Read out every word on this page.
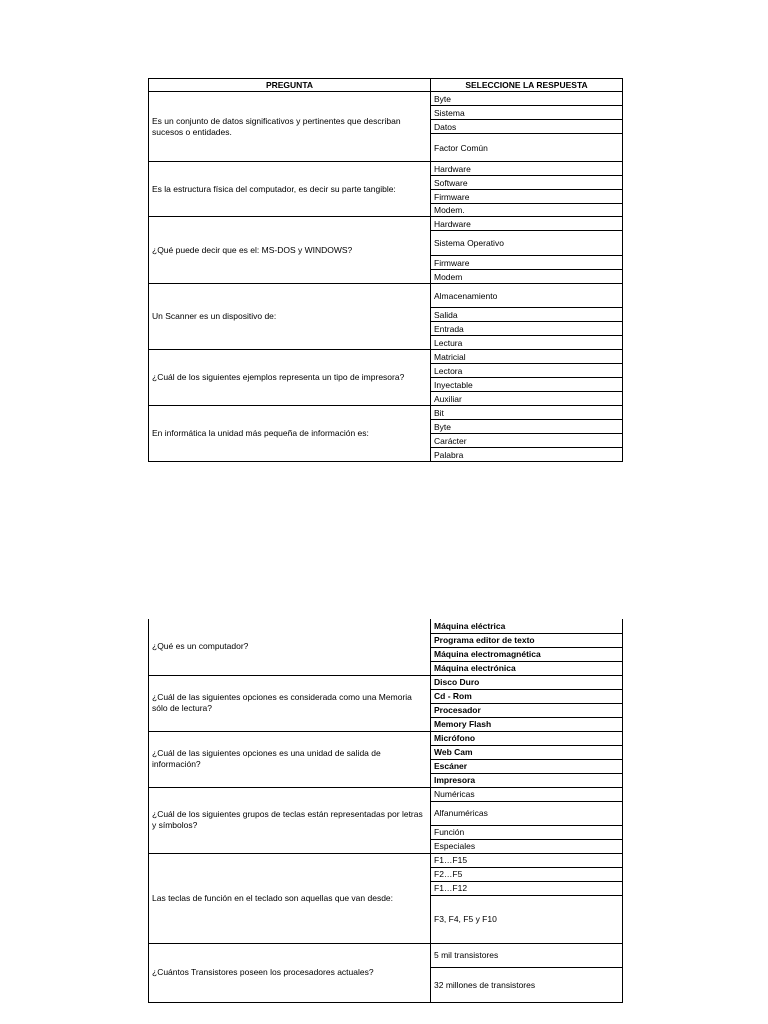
PREGUNTA	SELECCIONE LA RESPUESTA
Es un conjunto de datos significativos y pertinentes que describan sucesos o entidades.	Byte
	Sistema
	Datos
	Factor Común
Es la estructura física del computador, es decir su parte tangible:	Hardware
	Software
	Firmware
	Modem.
¿Qué puede decir que es el: MS-DOS y WINDOWS?	Hardware
	Sistema Operativo
	Firmware
	Modem
Un Scanner es un dispositivo de:	Almacenamiento
	Salida
	Entrada
	Lectura
¿Cuál de los siguientes ejemplos representa un tipo de impresora?	Matricial
	Lectora
	Inyectable
	Auxiliar
En informática la unidad más pequeña de información es:	Bit
	Byte
	Carácter
	Palabra
¿Qué es un computador?	Máquina eléctrica
	Programa editor de texto
	Máquina electromagnética
	Máquina electrónica
¿Cuál de las siguientes opciones es considerada como una Memoria sólo de lectura?	Disco Duro
	Cd - Rom
	Procesador
	Memory Flash
¿Cuál de las siguientes opciones es una unidad de salida de información?	Micrófono
	Web Cam
	Escáner
	Impresora
¿Cuál de los siguientes grupos de teclas están representadas por letras y símbolos?	Numéricas
	Alfanuméricas
	Función
	Especiales
Las teclas de función en el teclado son aquellas que van desde:	F1…F15
	F2…F5
	F1…F12
	F3, F4, F5 y F10
¿Cuántos Transistores poseen los procesadores actuales?	5 mil transistores
	32 millones de transistores
